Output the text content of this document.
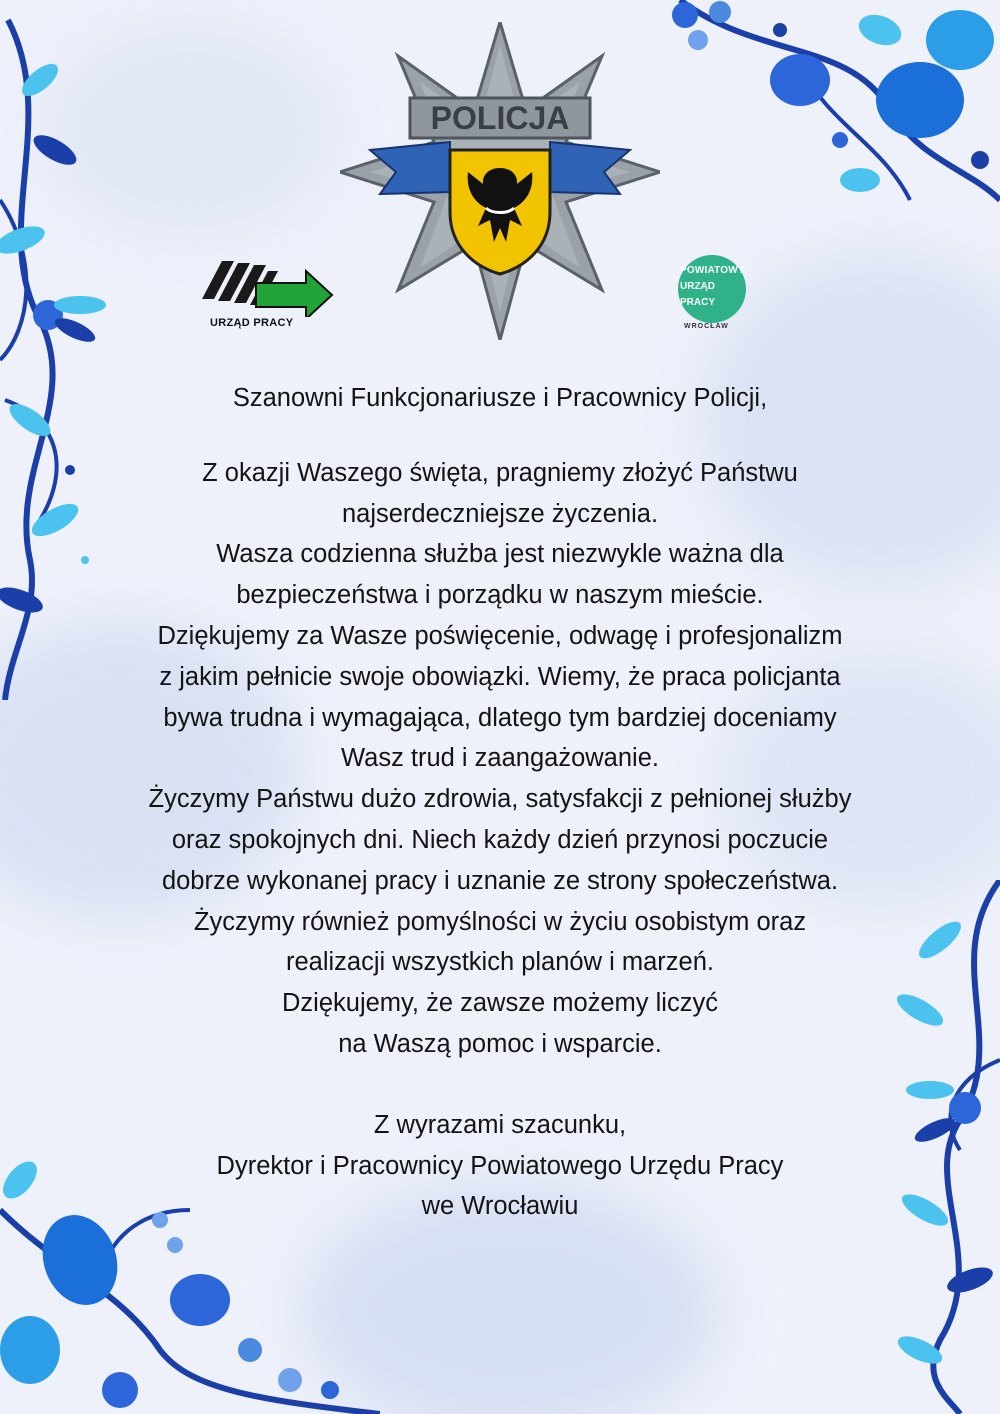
POLICJA
URZĄD PRACY
POWIATOWY
URZĄD
PRACY
WROCŁAW

Szanowni Funkcjonariusze i Pracownicy Policji,

Z okazji Waszego święta, pragniemy złożyć Państwu

najserdeczniejsze życzenia.

Wasza codzienna służba jest niezwykle ważna dla

bezpieczeństwa i porządku w naszym mieście.

Dziękujemy za Wasze poświęcenie, odwagę i profesjonalizm

z jakim pełnicie swoje obowiązki. Wiemy, że praca policjanta

bywa trudna i wymagająca, dlatego tym bardziej doceniamy

Wasz trud i zaangażowanie.

Życzymy Państwu dużo zdrowia, satysfakcji z pełnionej służby

oraz spokojnych dni. Niech każdy dzień przynosi poczucie

dobrze wykonanej pracy i uznanie ze strony społeczeństwa.

Życzymy również pomyślności w życiu osobistym oraz

realizacji wszystkich planów i marzeń.

Dziękujemy, że zawsze możemy liczyć

na Waszą pomoc i wsparcie.

Z wyrazami szacunku,

Dyrektor i Pracownicy Powiatowego Urzędu Pracy

we Wrocławiu
